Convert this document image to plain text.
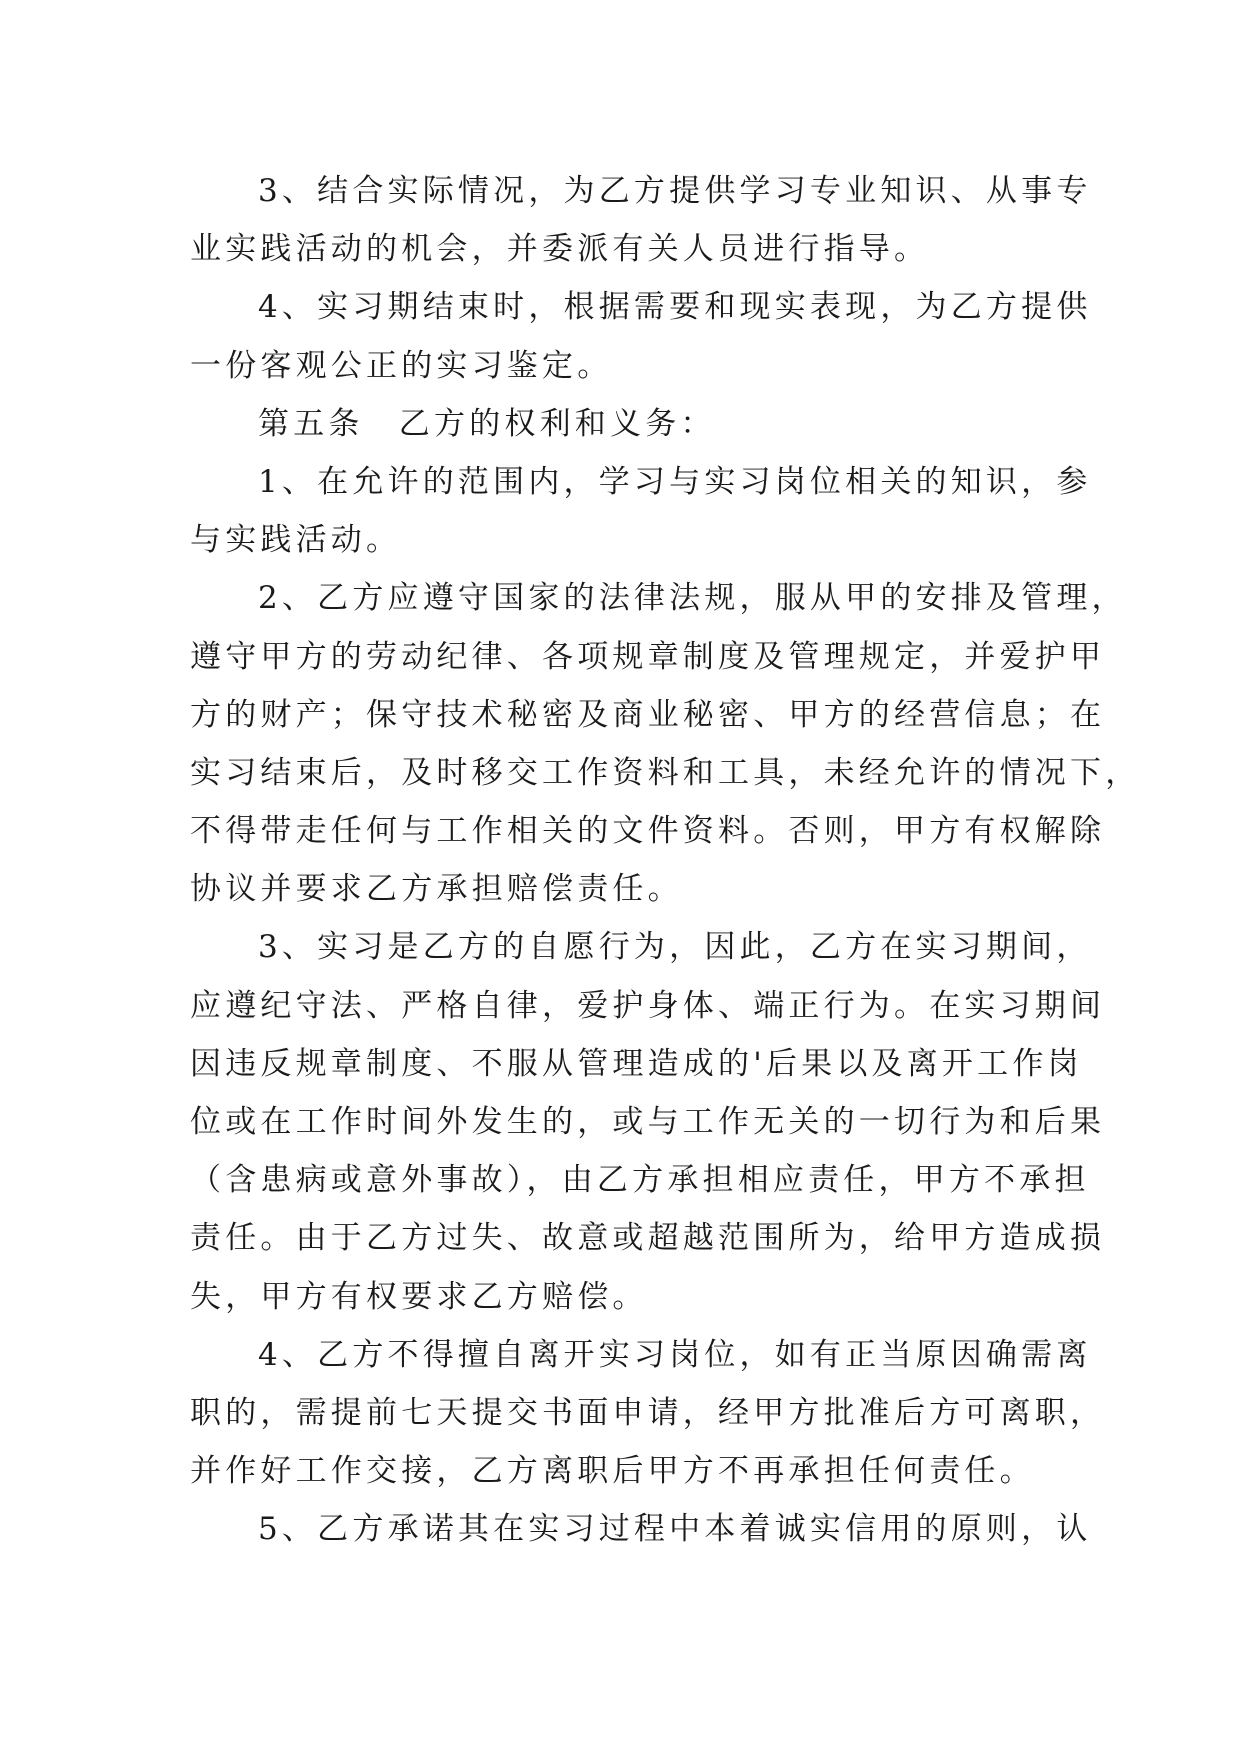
3、结合实际情况，为乙方提供学习专业知识、从事专
业实践活动的机会，并委派有关人员进行指导。
4、实习期结束时，根据需要和现实表现，为乙方提供
一份客观公正的实习鉴定。
第五条　乙方的权利和义务：
1、在允许的范围内，学习与实习岗位相关的知识，参
与实践活动。
2、乙方应遵守国家的法律法规，服从甲的安排及管理，
遵守甲方的劳动纪律、各项规章制度及管理规定，并爱护甲
方的财产；保守技术秘密及商业秘密、甲方的经营信息；在
实习结束后，及时移交工作资料和工具，未经允许的情况下，
不得带走任何与工作相关的文件资料。否则，甲方有权解除
协议并要求乙方承担赔偿责任。
3、实习是乙方的自愿行为，因此，乙方在实习期间，
应遵纪守法、严格自律，爱护身体、端正行为。在实习期间
因违反规章制度、不服从管理造成的'后果以及离开工作岗
位或在工作时间外发生的，或与工作无关的一切行为和后果
（含患病或意外事故），由乙方承担相应责任，甲方不承担
责任。由于乙方过失、故意或超越范围所为，给甲方造成损
失，甲方有权要求乙方赔偿。
4、乙方不得擅自离开实习岗位，如有正当原因确需离
职的，需提前七天提交书面申请，经甲方批准后方可离职，
并作好工作交接，乙方离职后甲方不再承担任何责任。
5、乙方承诺其在实习过程中本着诚实信用的原则，认
